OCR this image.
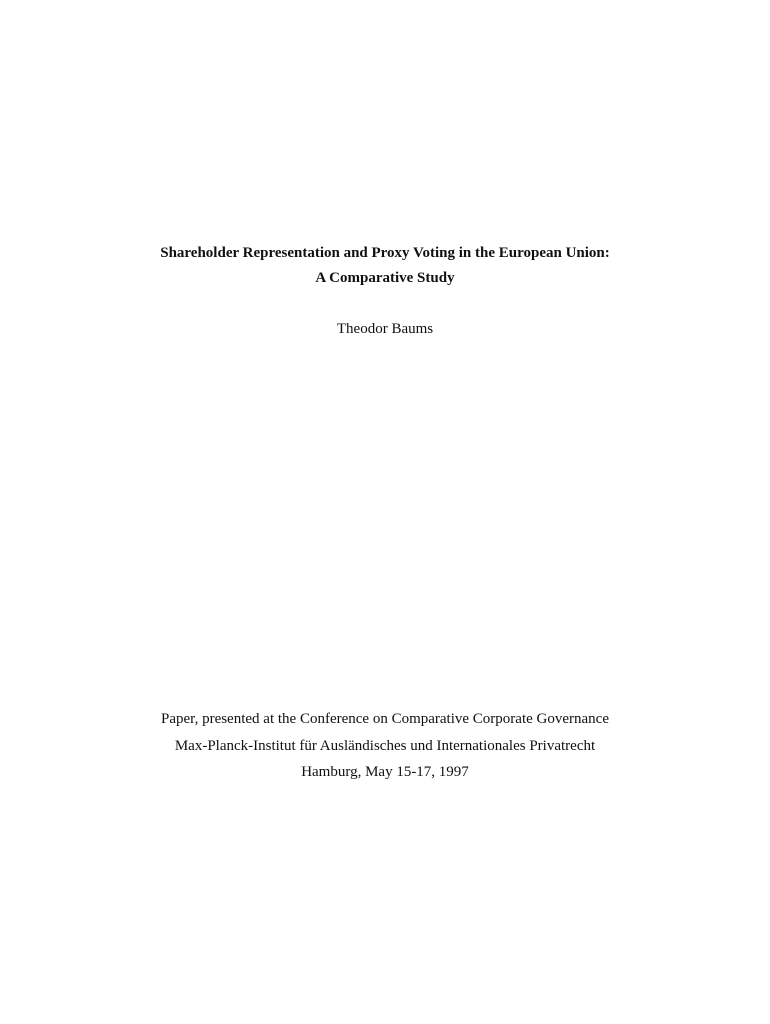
Shareholder Representation and Proxy Voting in the European Union:
A Comparative Study
Theodor Baums
Paper, presented at the Conference on Comparative Corporate Governance
Max-Planck-Institut für Ausländisches und Internationales Privatrecht
Hamburg, May 15-17, 1997
